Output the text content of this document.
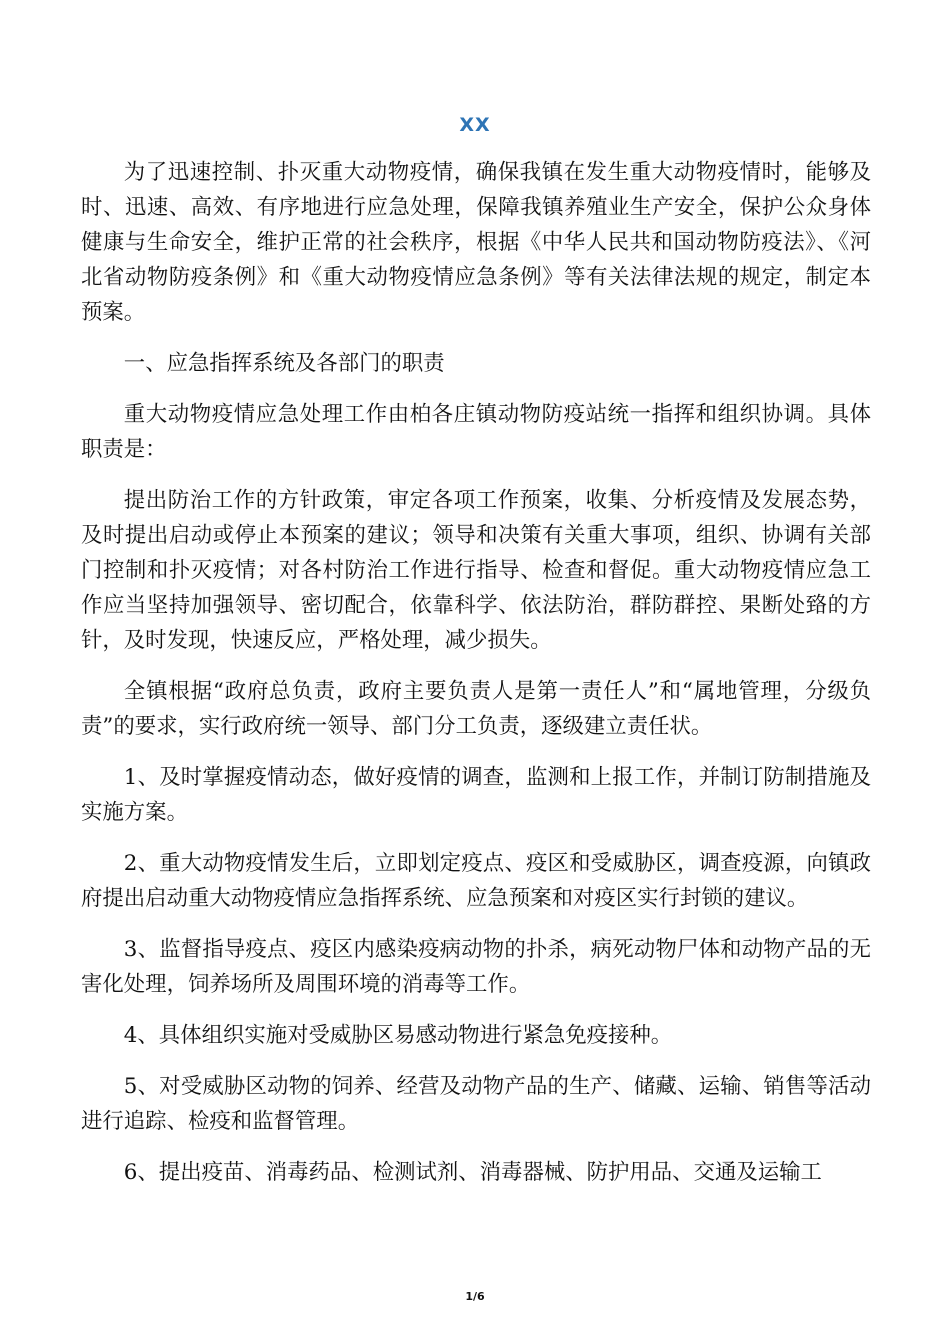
XX

为了迅速控制、扑灭重大动物疫情，确保我镇在发生重大动物疫情时，能够及时、迅速、高效、有序地进行应急处理，保障我镇养殖业生产安全，保护公众身体健康与生命安全，维护正常的社会秩序，根据《中华人民共和国动物防疫法》、《河北省动物防疫条例》和《重大动物疫情应急条例》等有关法律法规的规定，制定本预案。

一、应急指挥系统及各部门的职责

重大动物疫情应急处理工作由柏各庄镇动物防疫站统一指挥和组织协调。具体职责是：

提出防治工作的方针政策，审定各项工作预案，收集、分析疫情及发展态势，及时提出启动或停止本预案的建议；领导和决策有关重大事项，组织、协调有关部门控制和扑灭疫情；对各村防治工作进行指导、检查和督促。重大动物疫情应急工作应当坚持加强领导、密切配合，依靠科学、依法防治，群防群控、果断处臵的方针，及时发现，快速反应，严格处理，减少损失。

全镇根据“政府总负责，政府主要负责人是第一责任人”和“属地管理，分级负责”的要求，实行政府统一领导、部门分工负责，逐级建立责任状。

1、及时掌握疫情动态，做好疫情的调查，监测和上报工作，并制订防制措施及实施方案。

2、重大动物疫情发生后，立即划定疫点、疫区和受威胁区，调查疫源，向镇政府提出启动重大动物疫情应急指挥系统、应急预案和对疫区实行封锁的建议。

3、监督指导疫点、疫区内感染疫病动物的扑杀，病死动物尸体和动物产品的无害化处理，饲养场所及周围环境的消毒等工作。

4、具体组织实施对受威胁区易感动物进行紧急免疫接种。

5、对受威胁区动物的饲养、经营及动物产品的生产、储藏、运输、销售等活动进行追踪、检疫和监督管理。

6、提出疫苗、消毒药品、检测试剂、消毒器械、防护用品、交通及运输工

1/6
